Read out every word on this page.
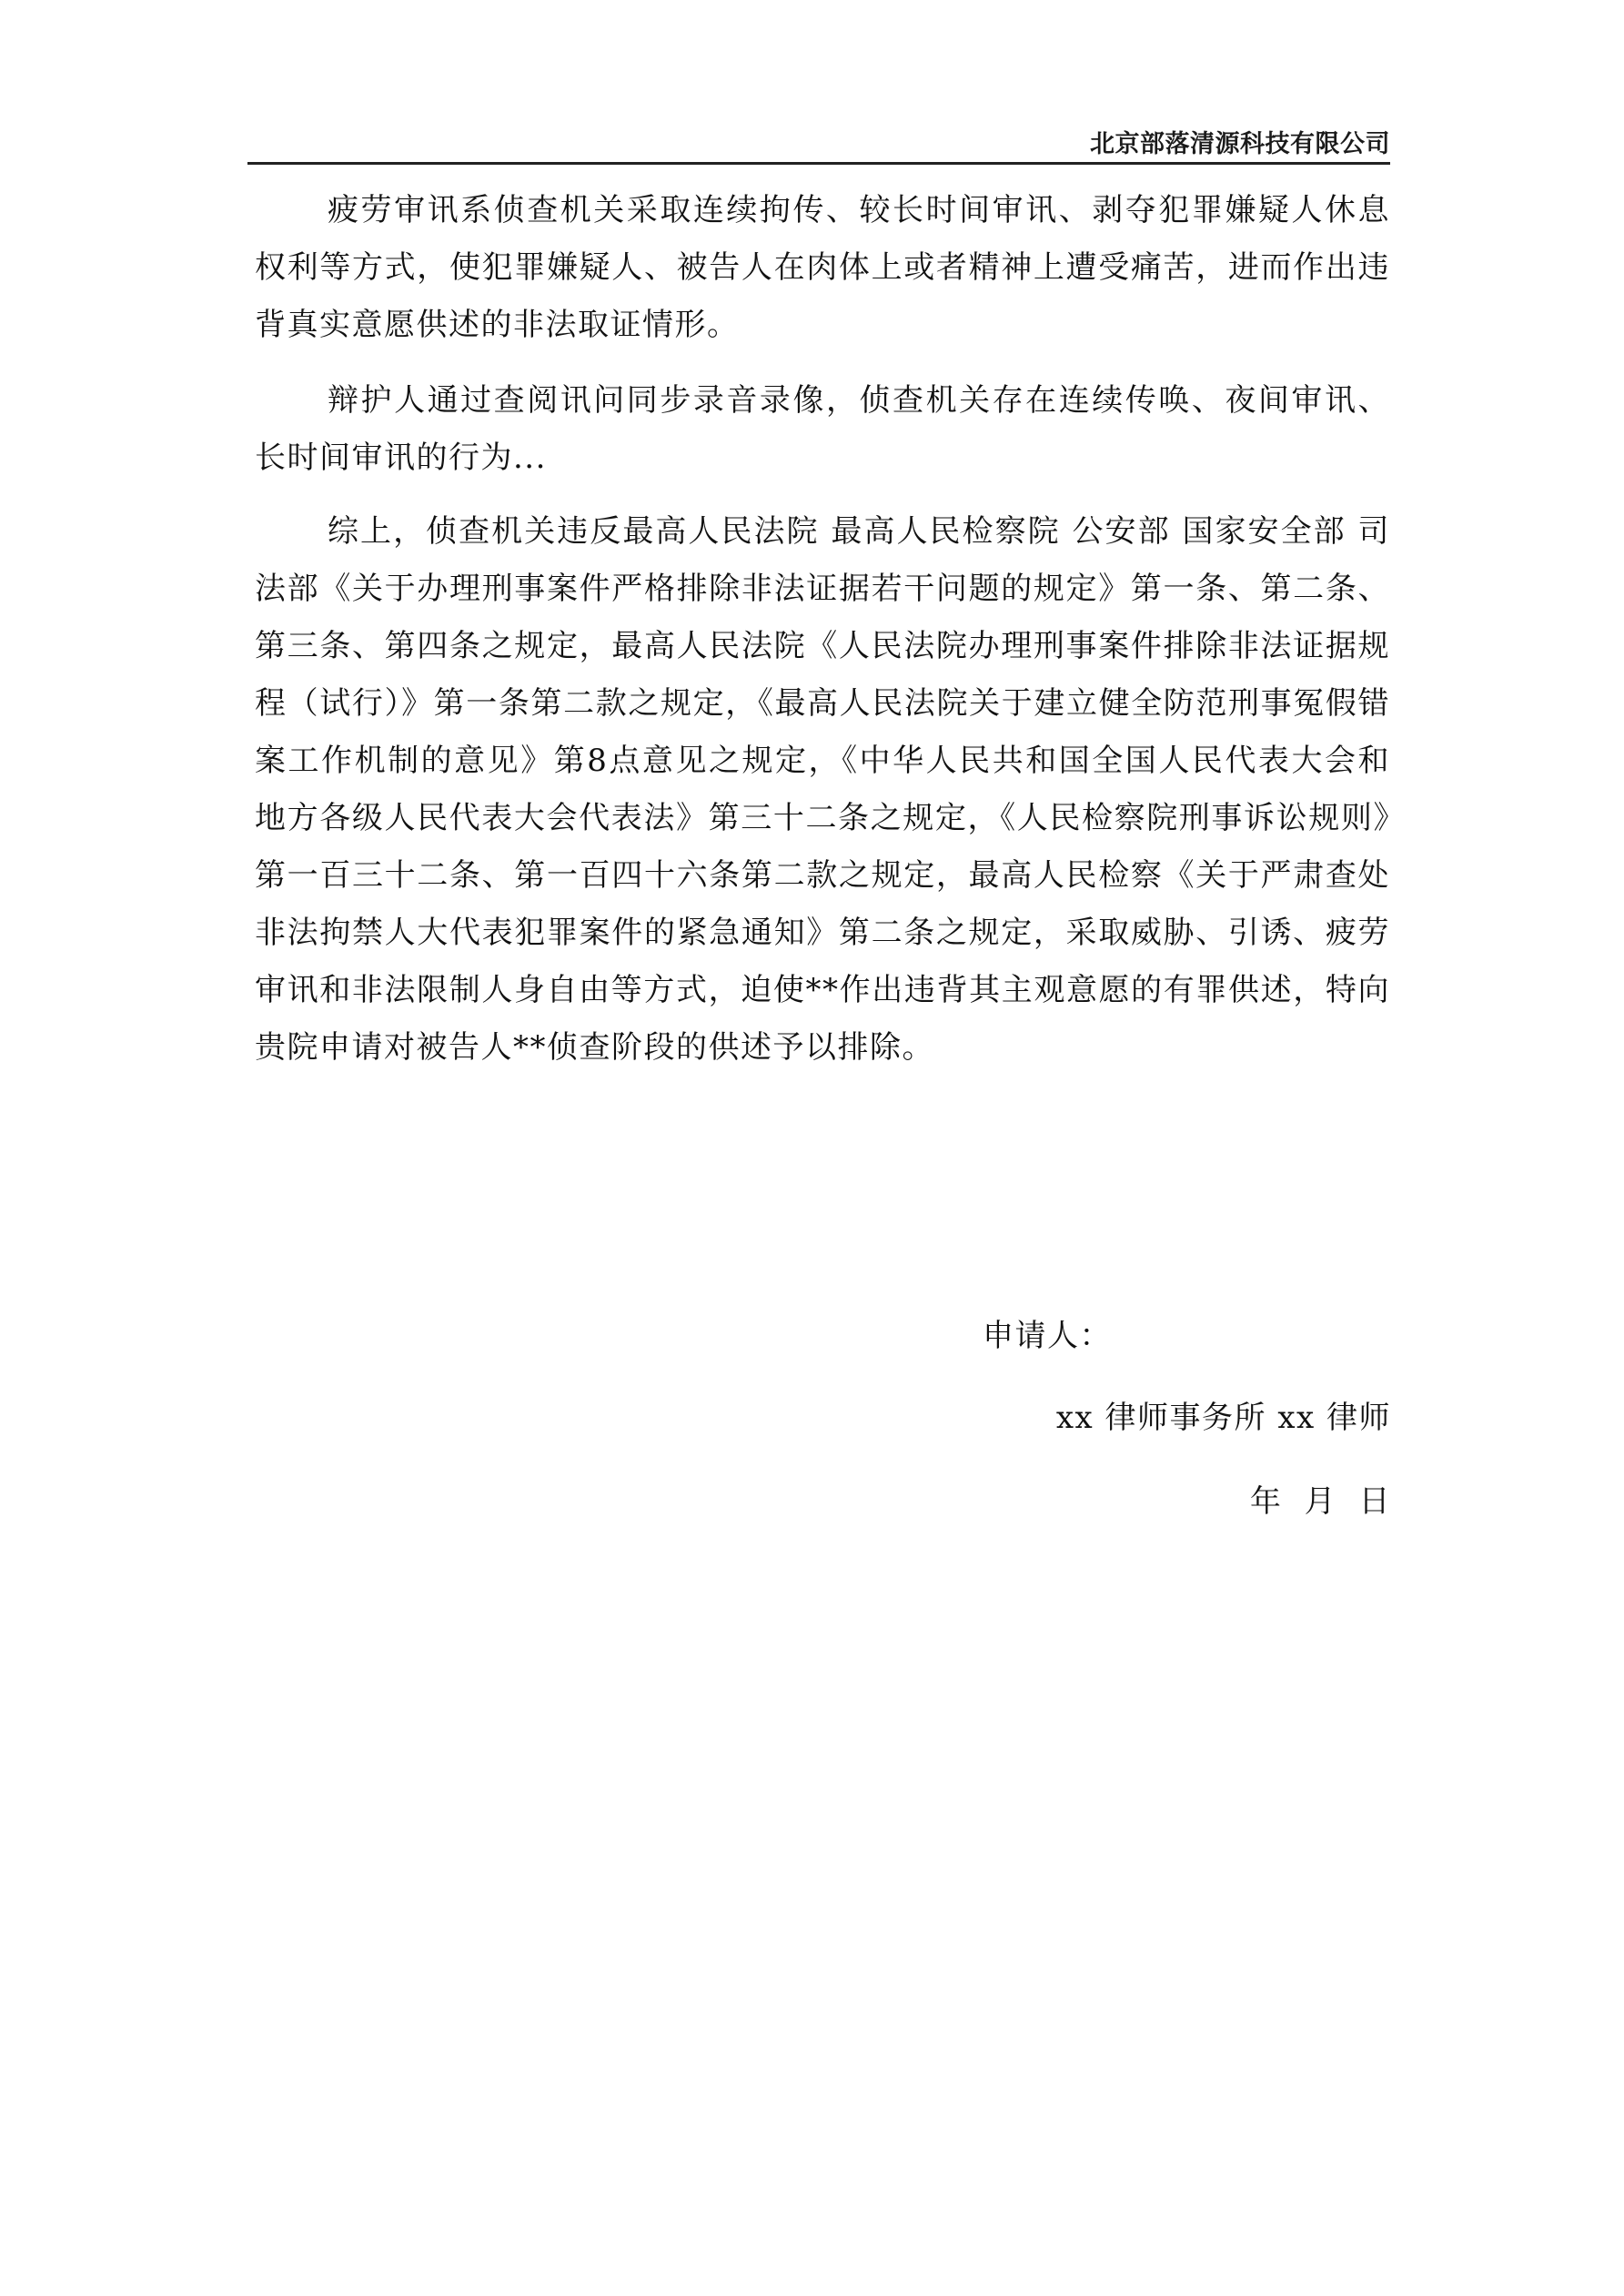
北京部落清源科技有限公司

疲劳审讯系侦查机关采取连续拘传、较长时间审讯、剥夺犯罪嫌疑人休息权利等方式，使犯罪嫌疑人、被告人在肉体上或者精神上遭受痛苦，进而作出违背真实意愿供述的非法取证情形。

辩护人通过查阅讯问同步录音录像，侦查机关存在连续传唤、夜间审讯、长时间审讯的行为...

综上，侦查机关违反最高人民法院 最高人民检察院 公安部 国家安全部 司法部《关于办理刑事案件严格排除非法证据若干问题的规定》第一条、第二条、第三条、第四条之规定，最高人民法院《人民法院办理刑事案件排除非法证据规程（试行）》第一条第二款之规定，《最高人民法院关于建立健全防范刑事冤假错案工作机制的意见》第8点意见之规定，《中华人民共和国全国人民代表大会和地方各级人民代表大会代表法》第三十二条之规定，《人民检察院刑事诉讼规则》第一百三十二条、第一百四十六条第二款之规定，最高人民检察《关于严肃查处非法拘禁人大代表犯罪案件的紧急通知》第二条之规定，采取威胁、引诱、疲劳审讯和非法限制人身自由等方式，迫使**作出违背其主观意愿的有罪供述，特向贵院申请对被告人**侦查阶段的供述予以排除。

申请人：
xx 律师事务所 xx 律师
年 月 日
